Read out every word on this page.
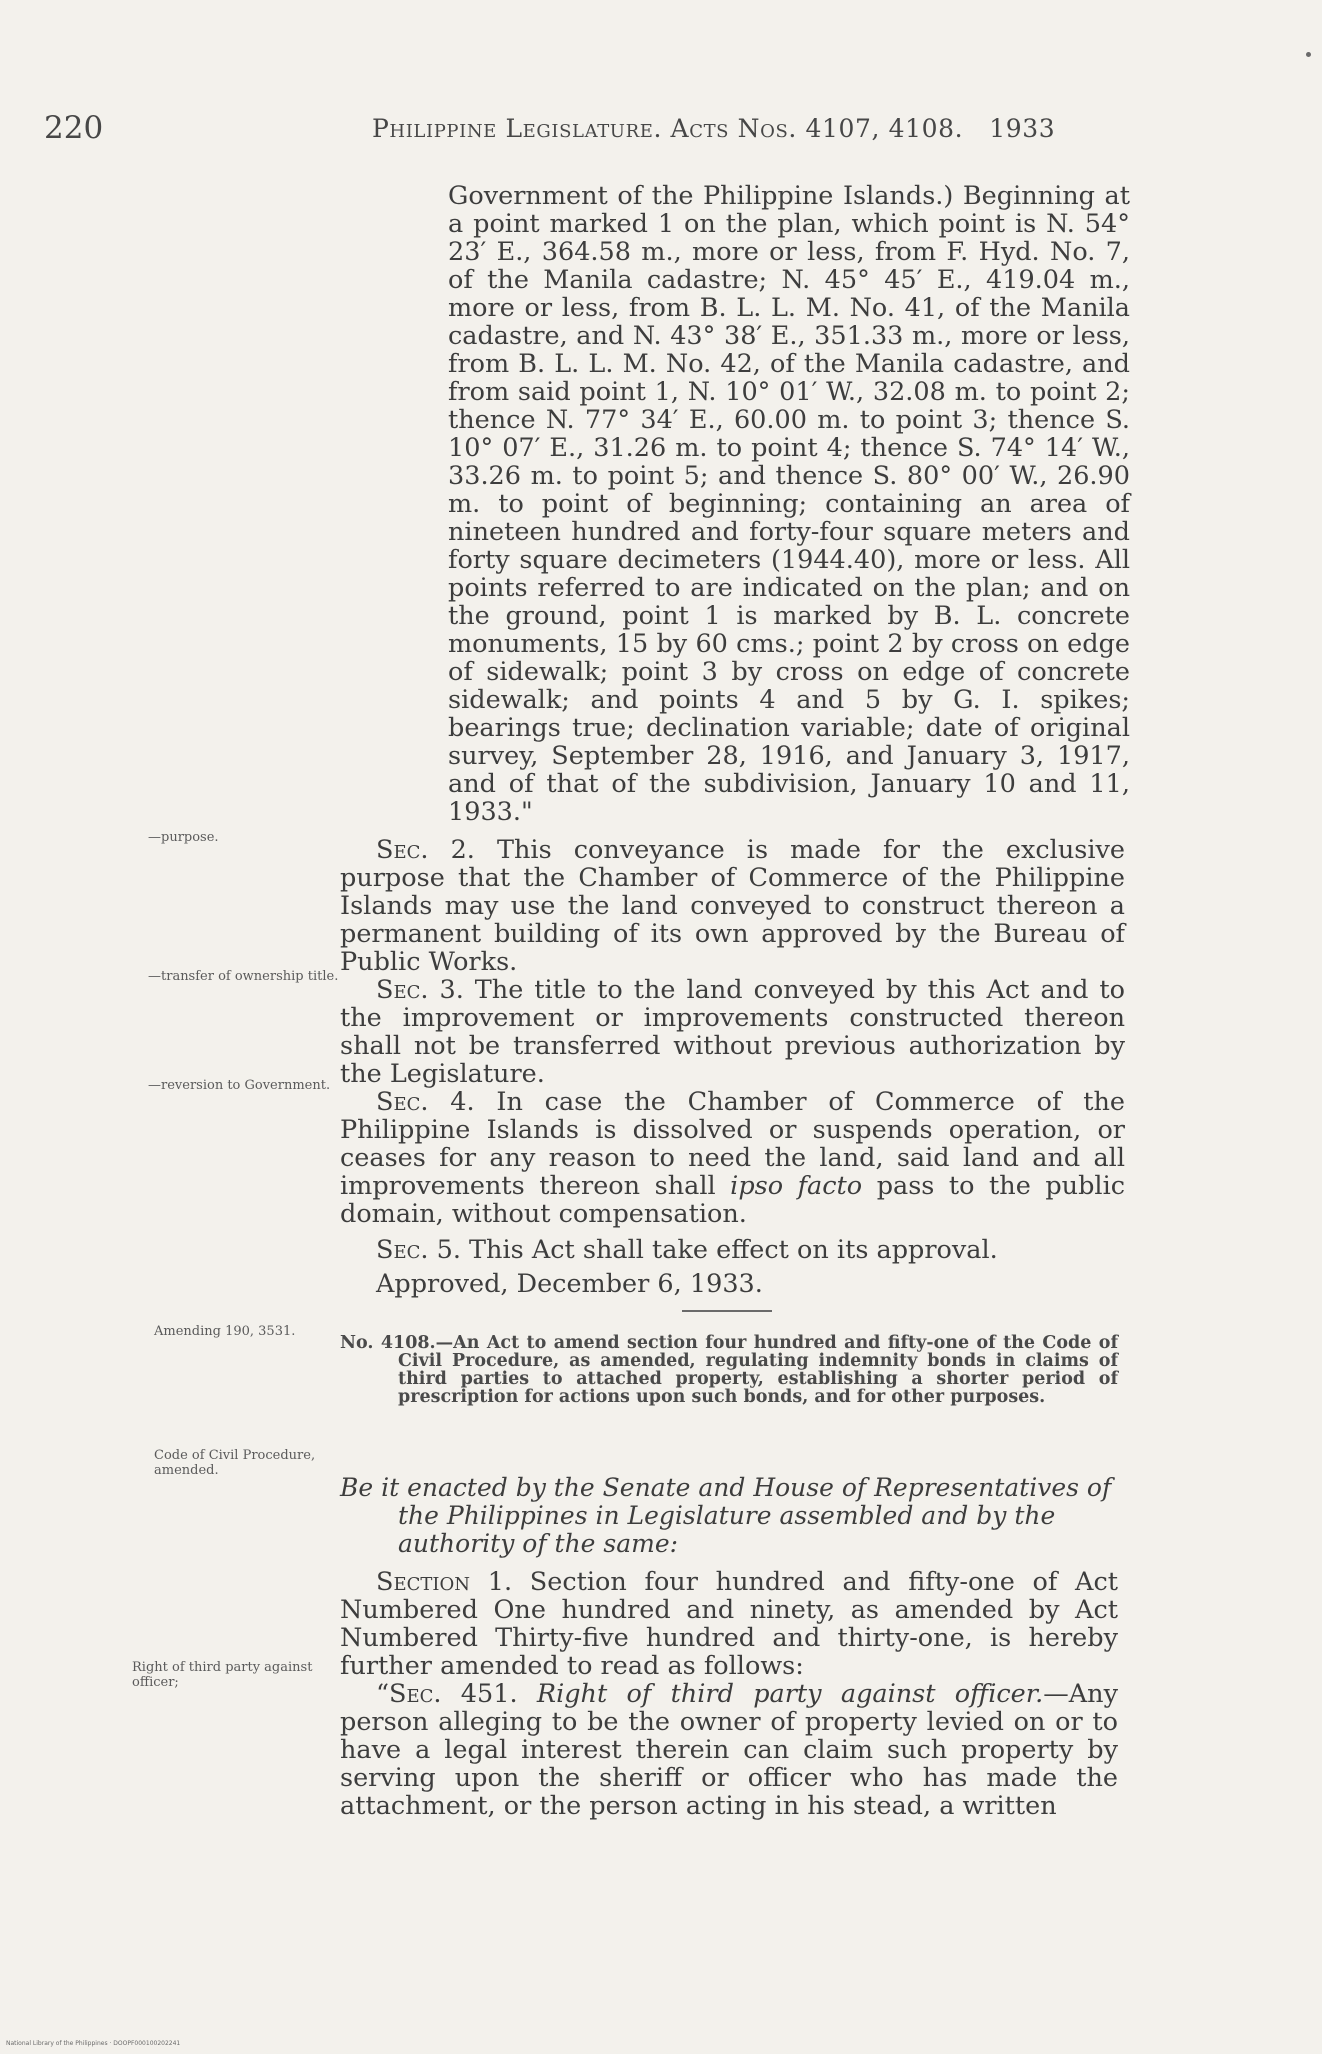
220	Philippine Legislature. Acts Nos. 4107, 4108. 1933

Government of the Philippine Islands.) Beginning at a point marked 1 on the plan, which point is N. 54° 23′ E., 364.58 m., more or less, from F. Hyd. No. 7, of the Manila cadastre; N. 45° 45′ E., 419.04 m., more or less, from B. L. L. M. No. 41, of the Manila cadastre, and N. 43° 38′ E., 351.33 m., more or less, from B. L. L. M. No. 42, of the Manila cadastre, and from said point 1, N. 10° 01′ W., 32.08 m. to point 2; thence N. 77° 34′ E., 60.00 m. to point 3; thence S. 10° 07′ E., 31.26 m. to point 4; thence S. 74° 14′ W., 33.26 m. to point 5; and thence S. 80° 00′ W., 26.90 m. to point of beginning; containing an area of nineteen hundred and forty-four square meters and forty square decimeters (1944.40), more or less. All points referred to are indicated on the plan; and on the ground, point 1 is marked by B. L. concrete monuments, 15 by 60 cms.; point 2 by cross on edge of sidewalk; point 3 by cross on edge of concrete sidewalk; and points 4 and 5 by G. I. spikes; bearings true; declination variable; date of original survey, September 28, 1916, and January 3, 1917, and of that of the subdivision, January 10 and 11, 1933."

—purpose.
—transfer of ownership title.
—reversion to Government.

Sec. 2. This conveyance is made for the exclusive purpose that the Chamber of Commerce of the Philippine Islands may use the land conveyed to construct thereon a permanent building of its own approved by the Bureau of Public Works.

Sec. 3. The title to the land conveyed by this Act and to the improvement or improvements constructed thereon shall not be transferred without previous authorization by the Legislature.

Sec. 4. In case the Chamber of Commerce of the Philippine Islands is dissolved or suspends operation, or ceases for any reason to need the land, said land and all improvements thereon shall ipso facto pass to the public domain, without compensation.

Sec. 5. This Act shall take effect on its approval.

Approved, December 6, 1933.

Amending 190, 3531.
No. 4108.—An Act to amend section four hundred and fifty-one of the Code of Civil Procedure, as amended, regulating indemnity bonds in claims of third parties to attached property, establishing a shorter period of prescription for actions upon such bonds, and for other purposes.
Code of Civil Procedure, amended.
Be it enacted by the Senate and House of Representatives of the Philippines in Legislature assembled and by the authority of the same:
Right of third party against officer;

Section 1. Section four hundred and fifty-one of Act Numbered One hundred and ninety, as amended by Act Numbered Thirty-five hundred and thirty-one, is hereby further amended to read as follows:

“Sec. 451. Right of third party against officer.—Any person alleging to be the owner of property levied on or to have a legal interest therein can claim such property by serving upon the sheriff or officer who has made the attachment, or the person acting in his stead, a written

National Library of the Philippines · DOOPF000100202241
